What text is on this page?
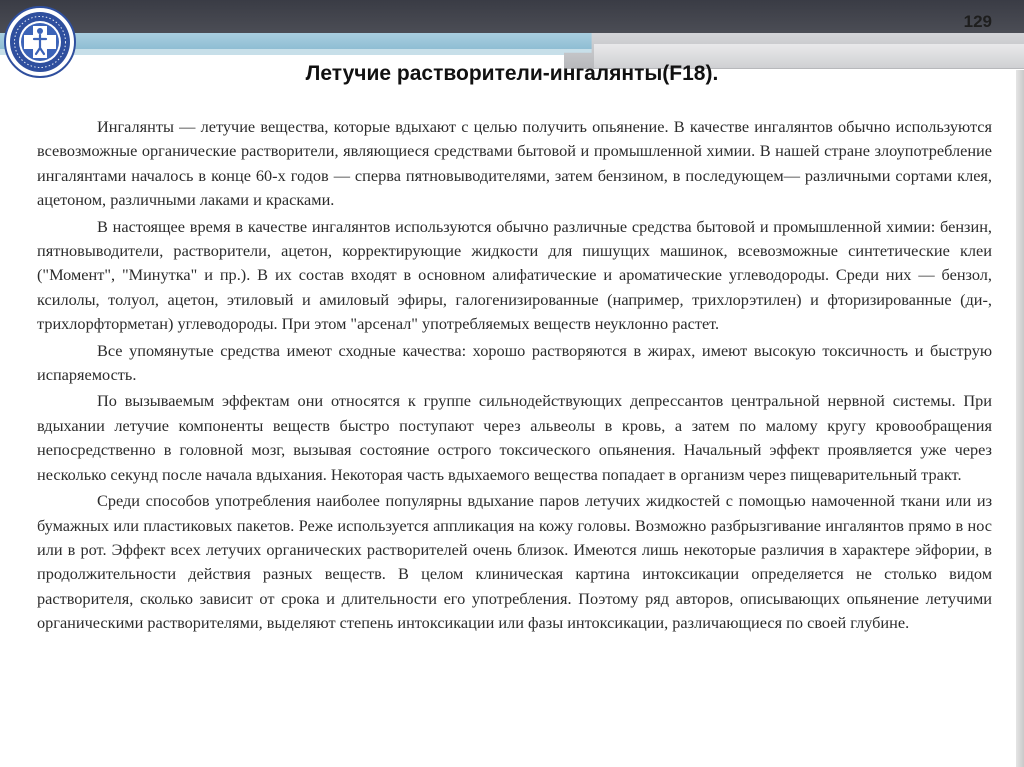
129
Летучие растворители-ингалянты(F18).

Ингалянты — летучие вещества, которые вдыхают с целью получить опьянение. В качестве ингалянтов обычно используются всевозможные органические растворители, являющиеся средствами бытовой и промышленной химии. В нашей стране злоупотребление ингалянтами началось в конце 60-х годов — сперва пятновыводителями, затем бензином, в последующем— различными сортами клея, ацетоном, различными лаками и красками.

В настоящее время в качестве ингалянтов используются обычно различные средства бытовой и промышленной химии: бензин, пятновыводители, растворители, ацетон, корректирующие жидкости для пишущих машинок, всевозможные синтетические клеи ("Момент", "Минутка" и пр.). В их состав входят в основном алифатические и ароматические углеводороды. Среди них — бензол, ксилолы, толуол, ацетон, этиловый и амиловый эфиры, галогенизированные (например, трихлорэтилен) и фторизированные (ди-, трихлорфторметан) углеводороды. При этом "арсенал" употребляемых веществ неуклонно растет.

Все упомянутые средства имеют сходные качества: хорошо растворяются в жирах, имеют высокую токсичность и быструю испаряемость.

По вызываемым эффектам они относятся к группе сильнодействующих депрессантов центральной нервной системы. При вдыхании летучие компоненты веществ быстро поступают через альвеолы в кровь, а затем по малому кругу кровообращения непосредственно в головной мозг, вызывая состояние острого токсического опьянения. Начальный эффект проявляется уже через несколько секунд после начала вдыхания. Некоторая часть вдыхаемого вещества попадает в организм через пищеварительный тракт.

Среди способов употребления наиболее популярны вдыхание паров летучих жидкостей с помощью намоченной ткани или из бумажных или пластиковых пакетов. Реже используется аппликация на кожу головы. Возможно разбрызгивание ингалянтов прямо в нос или в рот. Эффект всех летучих органических растворителей очень близок. Имеются лишь некоторые различия в характере эйфории, в продолжительности действия разных веществ. В целом клиническая картина интоксикации определяется не столько видом растворителя, сколько зависит от срока и длительности его употребления. Поэтому ряд авторов, описывающих опьянение летучими органическими растворителями, выделяют степень интоксикации или фазы интоксикации, различающиеся по своей глубине.
